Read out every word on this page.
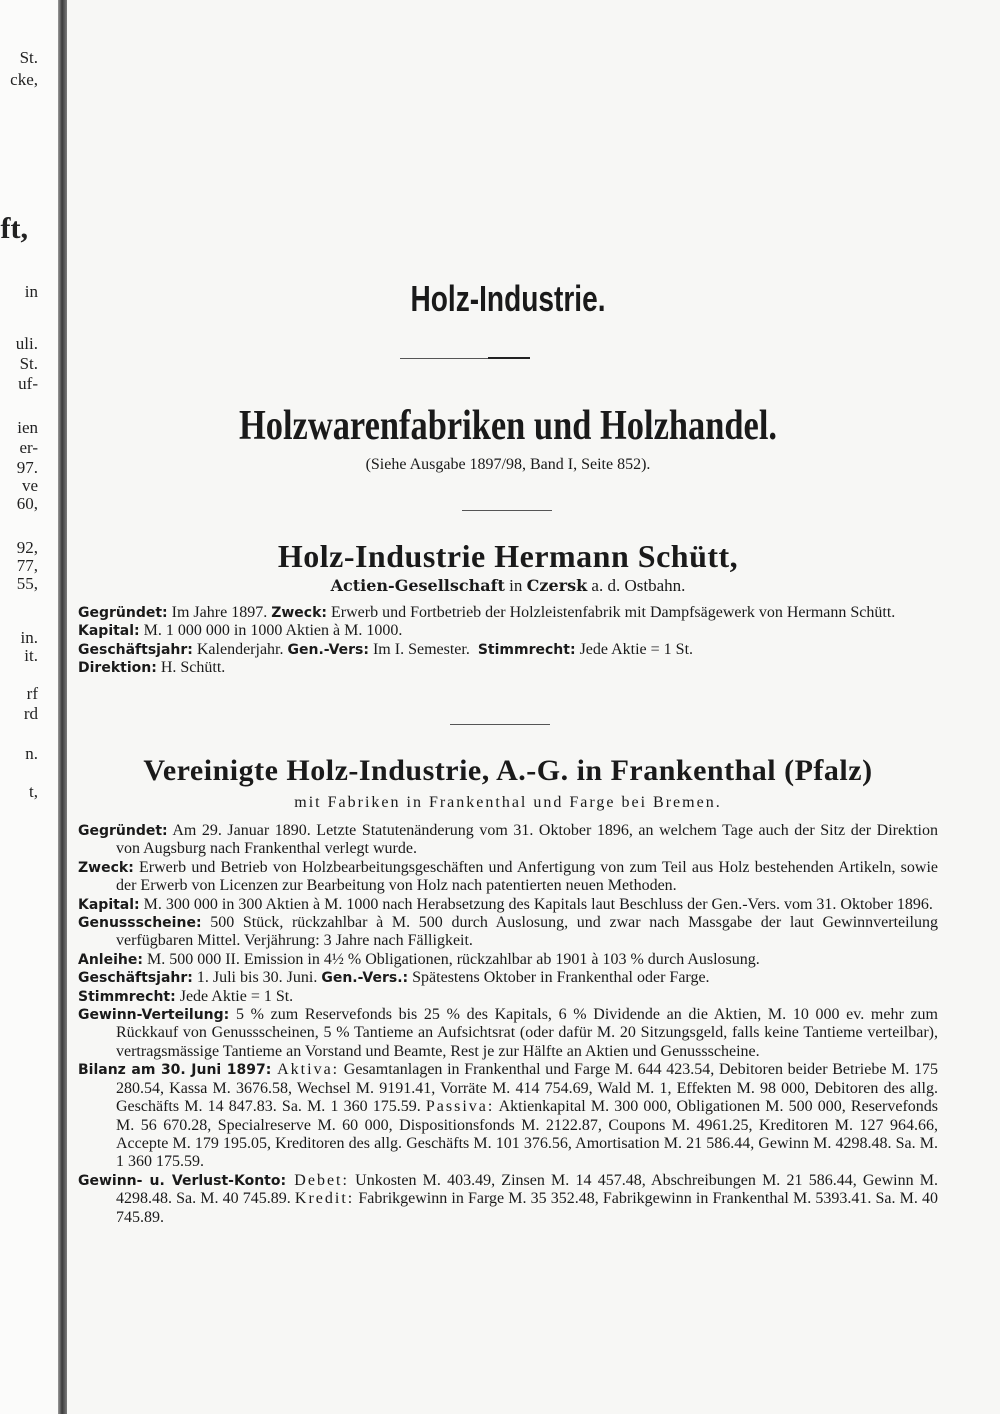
St.
cke,
ft,
in
uli.
St.
uf-
ien
er-
97.
ve
60,
92,
77,
55,
in.
it.
rf
rd
n.
t,
Holz-Industrie.
Holzwarenfabriken und Holzhandel.
(Siehe Ausgabe 1897/98, Band I, Seite 852).
Holz-Industrie Hermann Schütt,
Actien-Gesellschaft in Czersk a. d. Ostbahn.

Gegründet: Im Jahre 1897. Zweck: Erwerb und Fortbetrieb der Holzleistenfabrik mit Dampfsägewerk von Hermann Schütt.

Kapital: M. 1 000 000 in 1000 Aktien à M. 1000.

Geschäftsjahr: Kalenderjahr. Gen.-Vers: Im I. Semester.  Stimmrecht: Jede Aktie = 1 St.

Direktion: H. Schütt.

Vereinigte Holz-Industrie, A.-G. in Frankenthal (Pfalz)
mit Fabriken in Frankenthal und Farge bei Bremen.

Gegründet: Am 29. Januar 1890. Letzte Statutenänderung vom 31. Oktober 1896, an welchem Tage auch der Sitz der Direktion von Augsburg nach Frankenthal verlegt wurde.

Zweck: Erwerb und Betrieb von Holzbearbeitungsgeschäften und Anfertigung von zum Teil aus Holz bestehenden Artikeln, sowie der Erwerb von Licenzen zur Bearbeitung von Holz nach patentierten neuen Methoden.

Kapital: M. 300 000 in 300 Aktien à M. 1000 nach Herabsetzung des Kapitals laut Beschluss der Gen.-Vers. vom 31. Oktober 1896.

Genussscheine: 500 Stück, rückzahlbar à M. 500 durch Auslosung, und zwar nach Massgabe der laut Gewinnverteilung verfügbaren Mittel. Verjährung: 3 Jahre nach Fälligkeit.

Anleihe: M. 500 000 II. Emission in 4½ % Obligationen, rückzahlbar ab 1901 à 103 % durch Auslosung.

Geschäftsjahr: 1. Juli bis 30. Juni. Gen.-Vers.: Spätestens Oktober in Frankenthal oder Farge.

Stimmrecht: Jede Aktie = 1 St.

Gewinn-Verteilung: 5 % zum Reservefonds bis 25 % des Kapitals, 6 % Dividende an die Aktien, M. 10 000 ev. mehr zum Rückkauf von Genussscheinen, 5 % Tantieme an Aufsichtsrat (oder dafür M. 20 Sitzungsgeld, falls keine Tantieme verteilbar), vertragsmässige Tantieme an Vorstand und Beamte, Rest je zur Hälfte an Aktien und Genussscheine.

Bilanz am 30. Juni 1897: Aktiva: Gesamtanlagen in Frankenthal und Farge M. 644 423.54, Debitoren beider Betriebe M. 175 280.54, Kassa M. 3676.58, Wechsel M. 9191.41, Vorräte M. 414 754.69, Wald M. 1, Effekten M. 98 000, Debitoren des allg. Geschäfts M. 14 847.83. Sa. M. 1 360 175.59. Passiva: Aktienkapital M. 300 000, Obligationen M. 500 000, Reservefonds M. 56 670.28, Specialreserve M. 60 000, Dispositionsfonds M. 2122.87, Coupons M. 4961.25, Kreditoren M. 127 964.66, Accepte M. 179 195.05, Kreditoren des allg. Geschäfts M. 101 376.56, Amortisation M. 21 586.44, Gewinn M. 4298.48. Sa. M. 1 360 175.59.

Gewinn- u. Verlust-Konto: Debet: Unkosten M. 403.49, Zinsen M. 14 457.48, Abschreibungen M. 21 586.44, Gewinn M. 4298.48. Sa. M. 40 745.89. Kredit: Fabrikgewinn in Farge M. 35 352.48, Fabrikgewinn in Frankenthal M. 5393.41. Sa. M. 40 745.89.
